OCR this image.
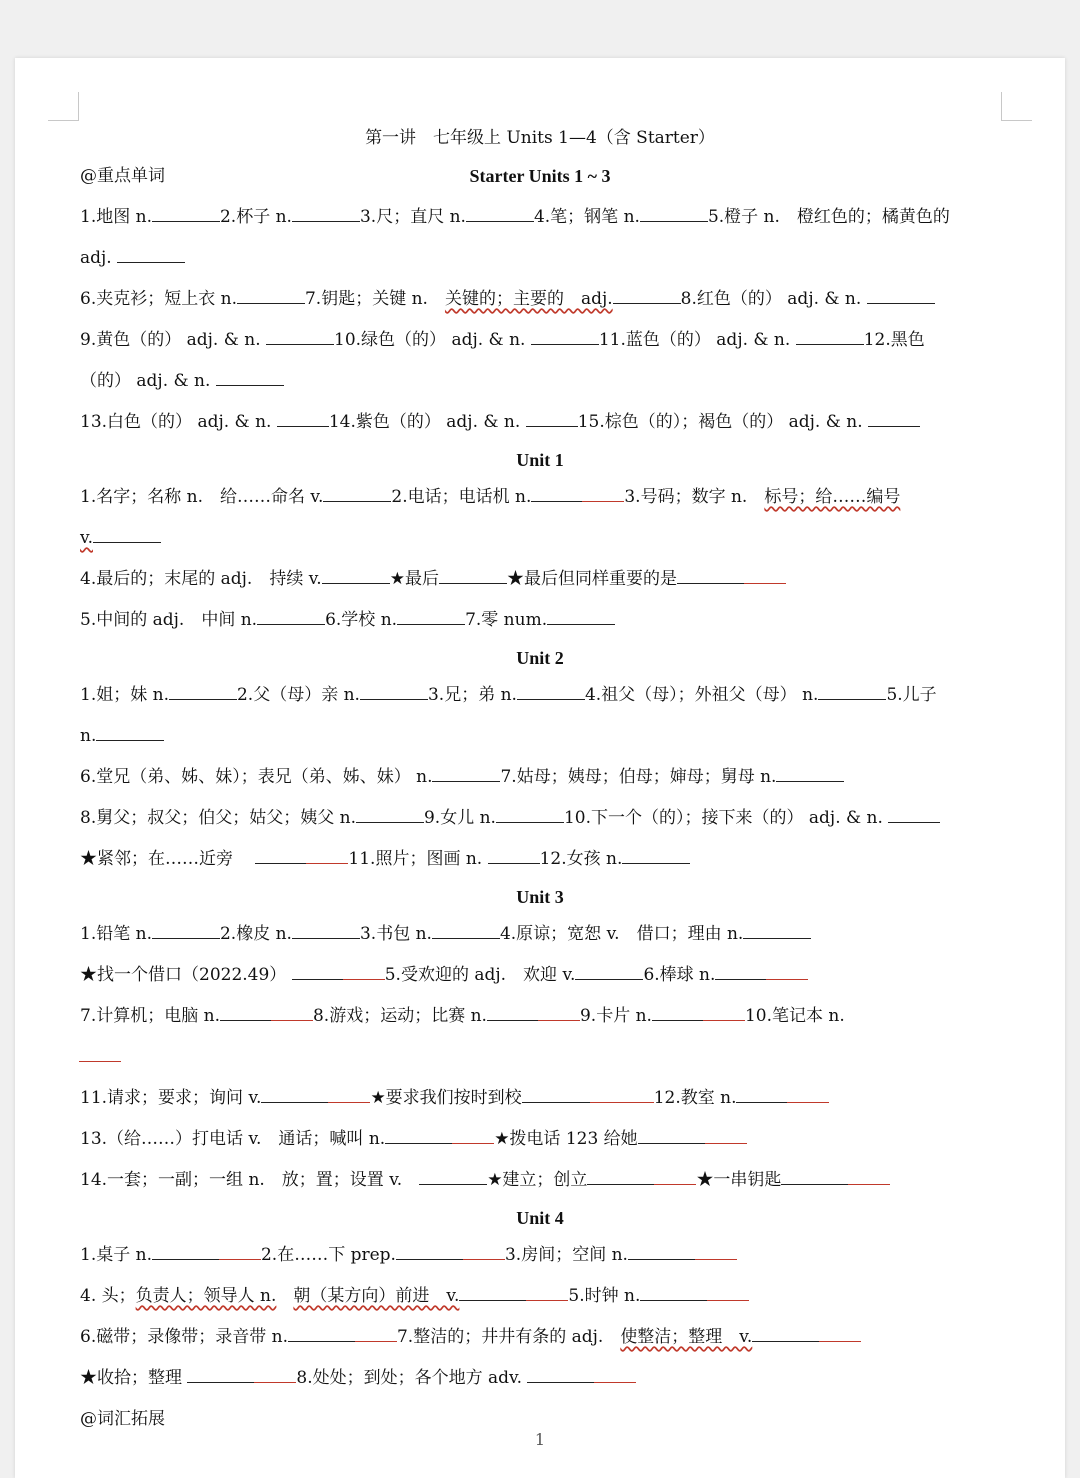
第一讲　七年级上 Units 1—4（含 Starter）
@重点单词	Starter Units 1 ~ 3
1.地图 n.	2.杯子 n.	3.尺；直尺 n.	4.笔；钢笔 n.	5.橙子 n.　橙红色的；橘黄色的
adj.
6.夹克衫；短上衣 n.	7.钥匙；关键 n.　 关键的；主要的　adj.	8.红色（的） adj. & n.
9.黄色（的） adj. & n.	10.绿色（的） adj. & n.	11.蓝色（的） adj. & n.	12.黑色
（的） adj. & n.
13.白色（的） adj. & n.	14.紫色（的） adj. & n.	15.棕色（的）；褐色（的） adj. & n.
Unit 1
1.名字；名称 n.　给……命名 v.	2.电话；电话机 n.	3.号码；数字 n.　 标号；给……编号
v.
4.最后的；末尾的 adj.　持续 v.	★最后	★最后但同样重要的是
5.中间的 adj.　中间 n.	6.学校 n.	7.零 num.
Unit 2
1.姐；妹 n.	2.父（母）亲 n.	3.兄；弟 n.	4.祖父（母）；外祖父（母） n.	5.儿子
n.
6.堂兄（弟、姊、妹）；表兄（弟、姊、妹） n.	7.姑母；姨母；伯母；婶母；舅母 n.
8.舅父；叔父；伯父；姑父；姨父 n.	9.女儿 n.	10.下一个（的）；接下来（的） adj. & n.
★紧邻；在……近旁　	11.照片；图画 n.	12.女孩 n.
Unit 3
1.铅笔 n.	2.橡皮 n.	3.书包 n.	4.原谅；宽恕 v.　借口；理由 n.
★找一个借口（2022.49）	5.受欢迎的 adj.　欢迎 v.	6.棒球 n.
7.计算机；电脑 n.	8.游戏；运动；比赛 n.	9.卡片 n.	10.笔记本 n.
11.请求；要求；询问 v.	★要求我们按时到校	12.教室 n.
13.（给……）打电话 v.　通话；喊叫 n.	★拨电话 123 给她
14.一套；一副；一组 n.　放；置；设置 v.　	★建立；创立	★一串钥匙
Unit 4
1.桌子 n.	2.在……下 prep.	3.房间；空间 n.
4. 头；负责人；领导人 n.　 朝（某方向）前进　v.	5.时钟 n.
6.磁带；录像带；录音带 n.	7.整洁的；井井有条的 adj.　 使整洁；整理　v.
★收拾；整理	8.处处；到处；各个地方 adv.
@词汇拓展
1
